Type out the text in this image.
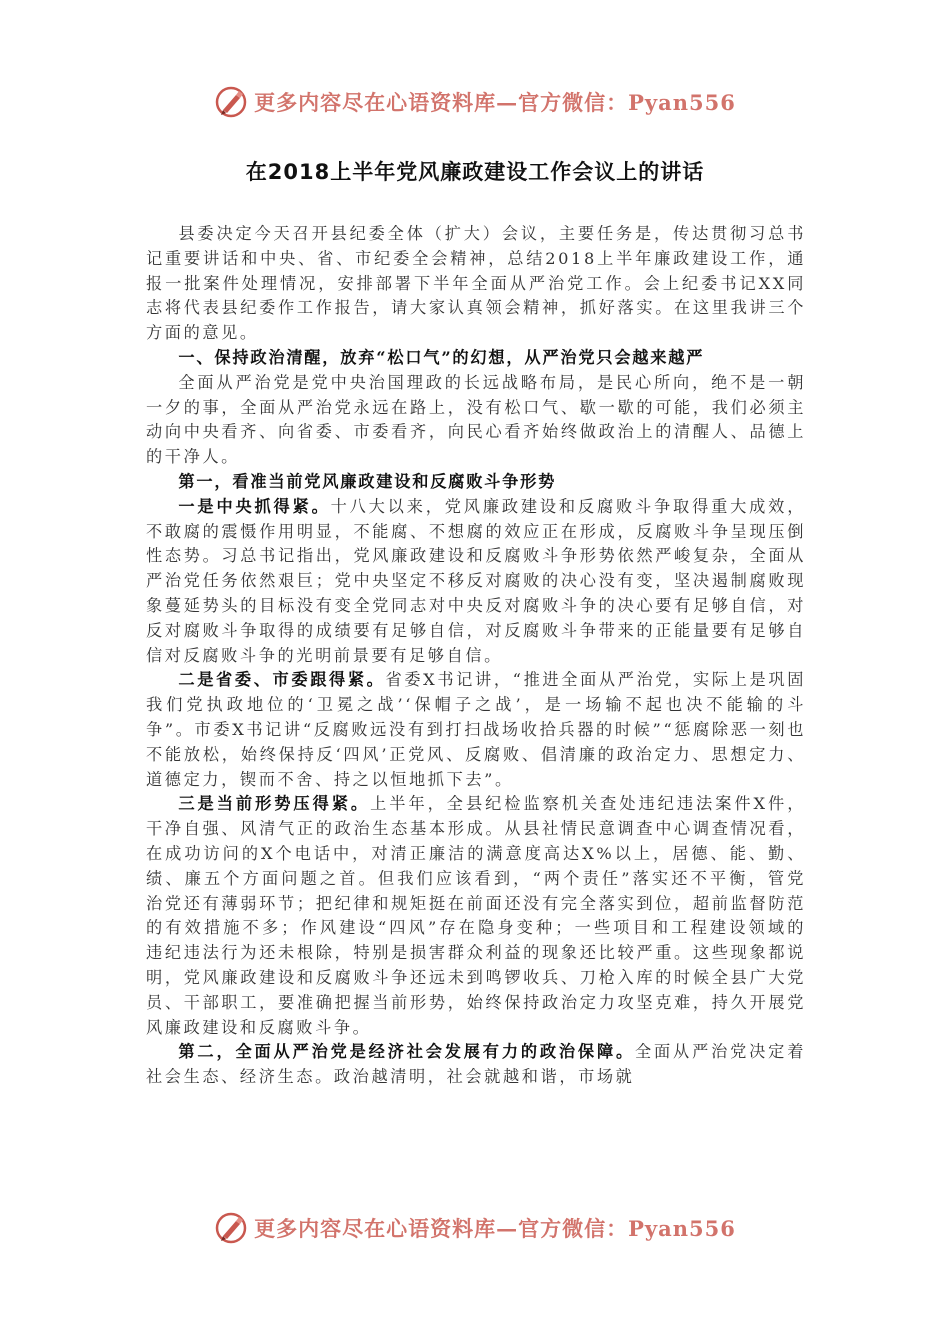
更多内容尽在心语资料库—官方微信：Pyan556
在2018上半年党风廉政建设工作会议上的讲话

县委决定今天召开县纪委全体（扩大）会议，主要任务是，传达贯彻习总书记重要讲话和中央、省、市纪委全会精神，总结2018上半年廉政建设工作，通报一批案件处理情况，安排部署下半年全面从严治党工作。会上纪委书记XX同志将代表县纪委作工作报告，请大家认真领会精神，抓好落实。在这里我讲三个方面的意见。

一、保持政治清醒，放弃“松口气”的幻想，从严治党只会越来越严

全面从严治党是党中央治国理政的长远战略布局，是民心所向，绝不是一朝一夕的事，全面从严治党永远在路上，没有松口气、歇一歇的可能，我们必须主动向中央看齐、向省委、市委看齐，向民心看齐始终做政治上的清醒人、品德上的干净人。

第一，看准当前党风廉政建设和反腐败斗争形势

一是中央抓得紧。十八大以来，党风廉政建设和反腐败斗争取得重大成效，不敢腐的震慑作用明显，不能腐、不想腐的效应正在形成，反腐败斗争呈现压倒性态势。习总书记指出，党风廉政建设和反腐败斗争形势依然严峻复杂，全面从严治党任务依然艰巨；党中央坚定不移反对腐败的决心没有变，坚决遏制腐败现象蔓延势头的目标没有变全党同志对中央反对腐败斗争的决心要有足够自信，对反对腐败斗争取得的成绩要有足够自信，对反腐败斗争带来的正能量要有足够自信对反腐败斗争的光明前景要有足够自信。

二是省委、市委跟得紧。省委X书记讲，“推进全面从严治党，实际上是巩固我们党执政地位的‘卫冕之战’‘保帽子之战’，是一场输不起也决不能输的斗争”。市委X书记讲“反腐败远没有到打扫战场收拾兵器的时候”“惩腐除恶一刻也不能放松，始终保持反‘四风’正党风、反腐败、倡清廉的政治定力、思想定力、道德定力，锲而不舍、持之以恒地抓下去”。

三是当前形势压得紧。上半年，全县纪检监察机关查处违纪违法案件X件，干净自强、风清气正的政治生态基本形成。从县社情民意调查中心调查情况看，在成功访问的X个电话中，对清正廉洁的满意度高达X%以上，居德、能、勤、绩、廉五个方面问题之首。但我们应该看到，“两个责任”落实还不平衡，管党治党还有薄弱环节；把纪律和规矩挺在前面还没有完全落实到位，超前监督防范的有效措施不多；作风建设“四风”存在隐身变种；一些项目和工程建设领域的违纪违法行为还未根除，特别是损害群众利益的现象还比较严重。这些现象都说明，党风廉政建设和反腐败斗争还远未到鸣锣收兵、刀枪入库的时候全县广大党员、干部职工，要准确把握当前形势，始终保持政治定力攻坚克难，持久开展党风廉政建设和反腐败斗争。

第二，全面从严治党是经济社会发展有力的政治保障。全面从严治党决定着社会生态、经济生态。政治越清明，社会就越和谐，市场就

更多内容尽在心语资料库—官方微信：Pyan556
